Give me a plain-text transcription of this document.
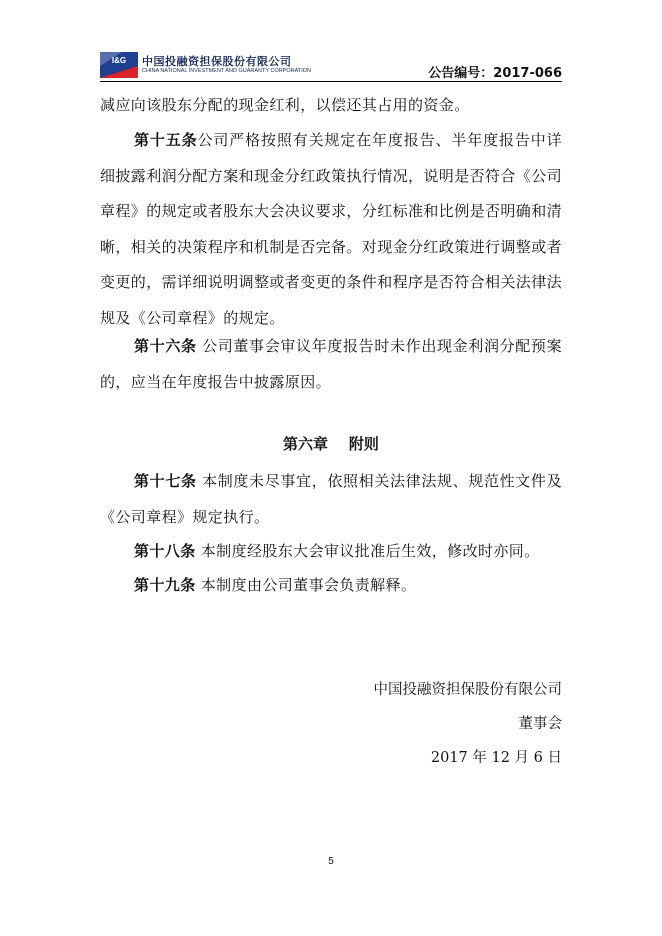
I&G 中国投融资担保股份有限公司
CHINA NATIONAL INVESTMENT AND GUARANTY CORPORATION	公告编号：2017-066

减应向该股东分配的现金红利，以偿还其占用的资金。

第十五条公司严格按照有关规定在年度报告、半年度报告中详细披露利润分配方案和现金分红政策执行情况，说明是否符合《公司章程》的规定或者股东大会决议要求，分红标准和比例是否明确和清晰，相关的决策程序和机制是否完备。对现金分红政策进行调整或者变更的，需详细说明调整或者变更的条件和程序是否符合相关法律法规及《公司章程》的规定。

第十六条 公司董事会审议年度报告时未作出现金利润分配预案的，应当在年度报告中披露原因。

第六章    附则

第十七条 本制度未尽事宜，依照相关法律法规、规范性文件及《公司章程》规定执行。

第十八条 本制度经股东大会审议批准后生效，修改时亦同。

第十九条 本制度由公司董事会负责解释。

中国投融资担保股份有限公司
董事会
2017 年 12 月 6 日
5
